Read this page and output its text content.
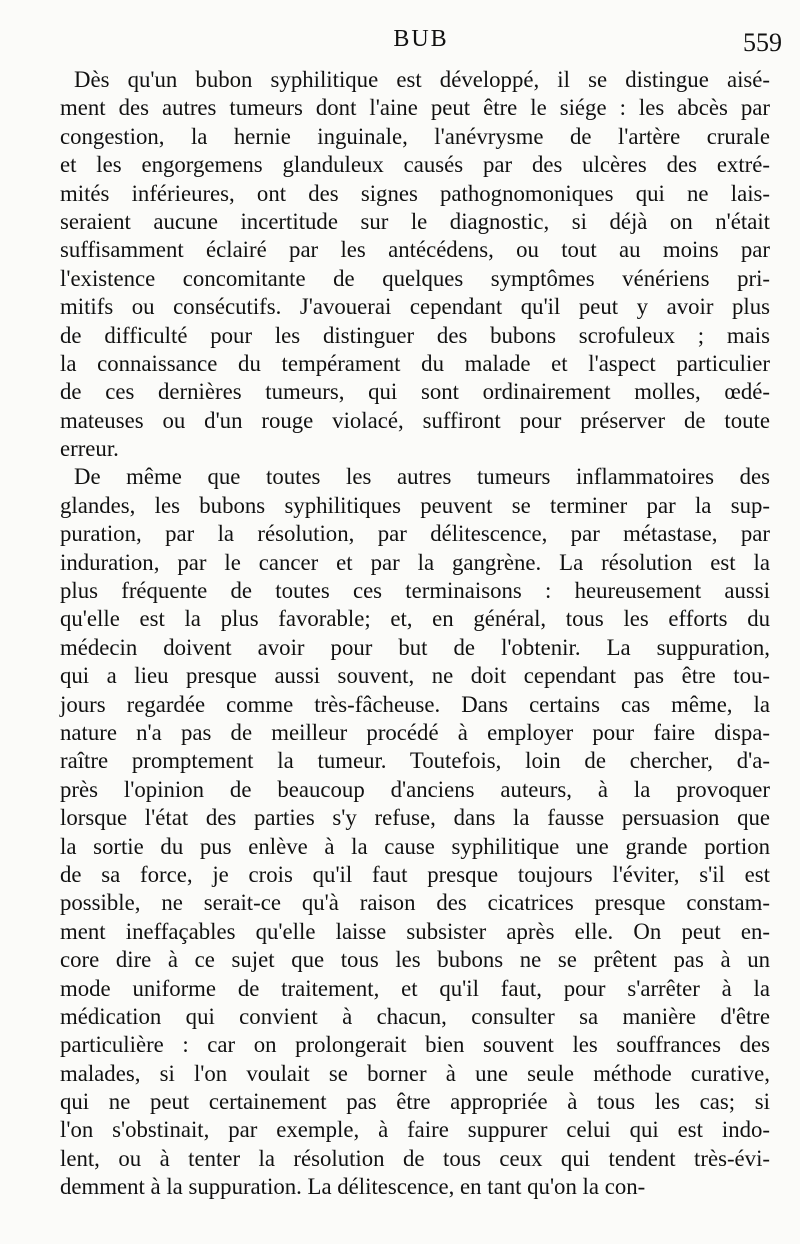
BUB	559
Dès qu'un bubon syphilitique est développé, il se distingue aisé-
ment des autres tumeurs dont l'aine peut être le siége : les abcès par
congestion, la hernie inguinale, l'anévrysme de l'artère crurale
et les engorgemens glanduleux causés par des ulcères des extré-
mités inférieures, ont des signes pathognomoniques qui ne lais-
seraient aucune incertitude sur le diagnostic, si déjà on n'était
suffisamment éclairé par les antécédens, ou tout au moins par
l'existence concomitante de quelques symptômes vénériens pri-
mitifs ou consécutifs. J'avouerai cependant qu'il peut y avoir plus
de difficulté pour les distinguer des bubons scrofuleux ; mais
la connaissance du tempérament du malade et l'aspect particulier
de ces dernières tumeurs, qui sont ordinairement molles, œdé-
mateuses ou d'un rouge violacé, suffiront pour préserver de toute
erreur.
De même que toutes les autres tumeurs inflammatoires des
glandes, les bubons syphilitiques peuvent se terminer par la sup-
puration, par la résolution, par délitescence, par métastase, par
induration, par le cancer et par la gangrène. La résolution est la
plus fréquente de toutes ces terminaisons : heureusement aussi
qu'elle est la plus favorable; et, en général, tous les efforts du
médecin doivent avoir pour but de l'obtenir. La suppuration,
qui a lieu presque aussi souvent, ne doit cependant pas être tou-
jours regardée comme très-fâcheuse. Dans certains cas même, la
nature n'a pas de meilleur procédé à employer pour faire dispa-
raître promptement la tumeur. Toutefois, loin de chercher, d'a-
près l'opinion de beaucoup d'anciens auteurs, à la provoquer
lorsque l'état des parties s'y refuse, dans la fausse persuasion que
la sortie du pus enlève à la cause syphilitique une grande portion
de sa force, je crois qu'il faut presque toujours l'éviter, s'il est
possible, ne serait-ce qu'à raison des cicatrices presque constam-
ment ineffaçables qu'elle laisse subsister après elle. On peut en-
core dire à ce sujet que tous les bubons ne se prêtent pas à un
mode uniforme de traitement, et qu'il faut, pour s'arrêter à la
médication qui convient à chacun, consulter sa manière d'être
particulière : car on prolongerait bien souvent les souffrances des
malades, si l'on voulait se borner à une seule méthode curative,
qui ne peut certainement pas être appropriée à tous les cas; si
l'on s'obstinait, par exemple, à faire suppurer celui qui est indo-
lent, ou à tenter la résolution de tous ceux qui tendent très-évi-
demment à la suppuration. La délitescence, en tant qu'on la con-
